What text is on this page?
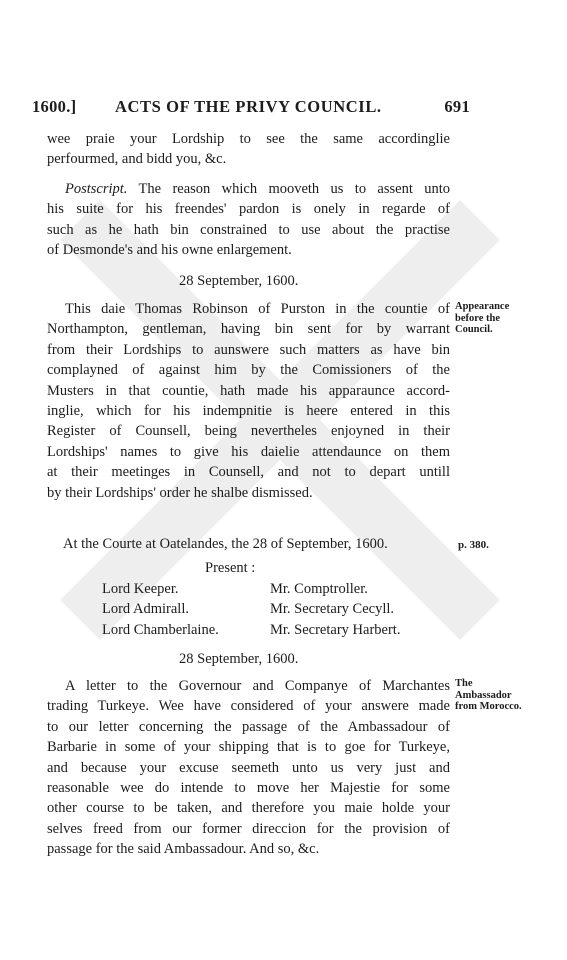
1600.] ACTS OF THE PRIVY COUNCIL.	691
wee praie your Lordship to see the same accordinglie
perfourmed, and bidd you, &c.
Postscript. The reason which mooveth us to assent unto
his suite for his freendes' pardon is onely in regarde of
such as he hath bin constrained to use about the practise
of Desmonde's and his owne enlargement.
28 September, 1600.
This daie Thomas Robinson of Purston in the countie of
Northampton, gentleman, having bin sent for by warrant
from their Lordships to aunswere such matters as have bin
complayned of against him by the Comissioners of the
Musters in that countie, hath made his apparaunce accord-
inglie, which for his indempnitie is heere entered in this
Register of Counsell, being nevertheles enjoyned in their
Lordships' names to give his daielie attendaunce on them
at their meetinges in Counsell, and not to depart untill
by their Lordships' order he shalbe dismissed.
Appearance
before the
Council.
At the Courte at Oatelandes, the 28 of September, 1600.	p. 380.
Present :
Lord Keeper.
Lord Admirall.
Lord Chamberlaine.
Mr. Comptroller.
Mr. Secretary Cecyll.
Mr. Secretary Harbert.
28 September, 1600.
A letter to the Governour and Companye of Marchantes
trading Turkeye. Wee have considered of your answere made
to our letter concerning the passage of the Ambassadour of
Barbarie in some of your shipping that is to goe for Turkeye,
and because your excuse seemeth unto us very just and
reasonable wee do intende to move her Majestie for some
other course to be taken, and therefore you maie holde your
selves freed from our former direccion for the provision of
passage for the said Ambassadour. And so, &c.
The
Ambassador
from Morocco.
